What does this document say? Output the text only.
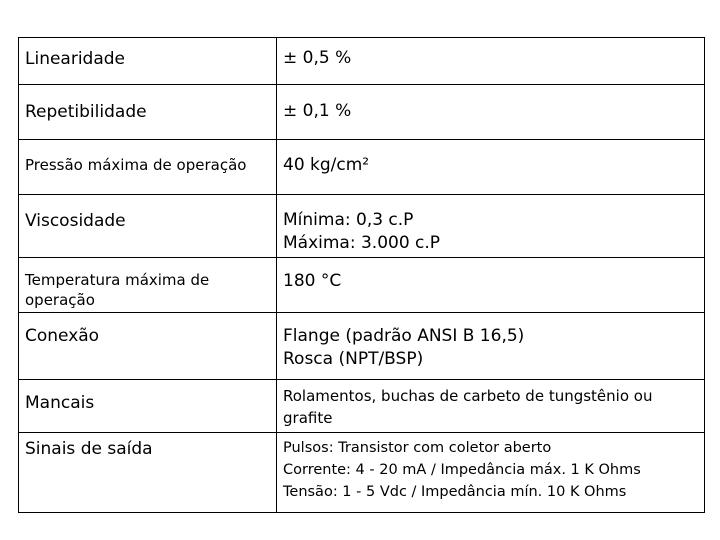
Linearidade	± 0,5 %

Repetibilidade	± 0,1 %

Pressão máxima de operação	40 kg/cm²

Viscosidade	Mínima: 0,3 c.P
Máxima: 3.000 c.P

Temperatura máxima de operação	180 °C

Conexão	Flange (padrão ANSI B 16,5)
Rosca (NPT/BSP)

Mancais	Rolamentos, buchas de carbeto de tungstênio ou grafite

Sinais de saída	Pulsos: Transistor com coletor aberto
Corrente: 4 - 20 mA / Impedância máx. 1 K Ohms
Tensão: 1 - 5 Vdc / Impedância mín. 10 K Ohms
